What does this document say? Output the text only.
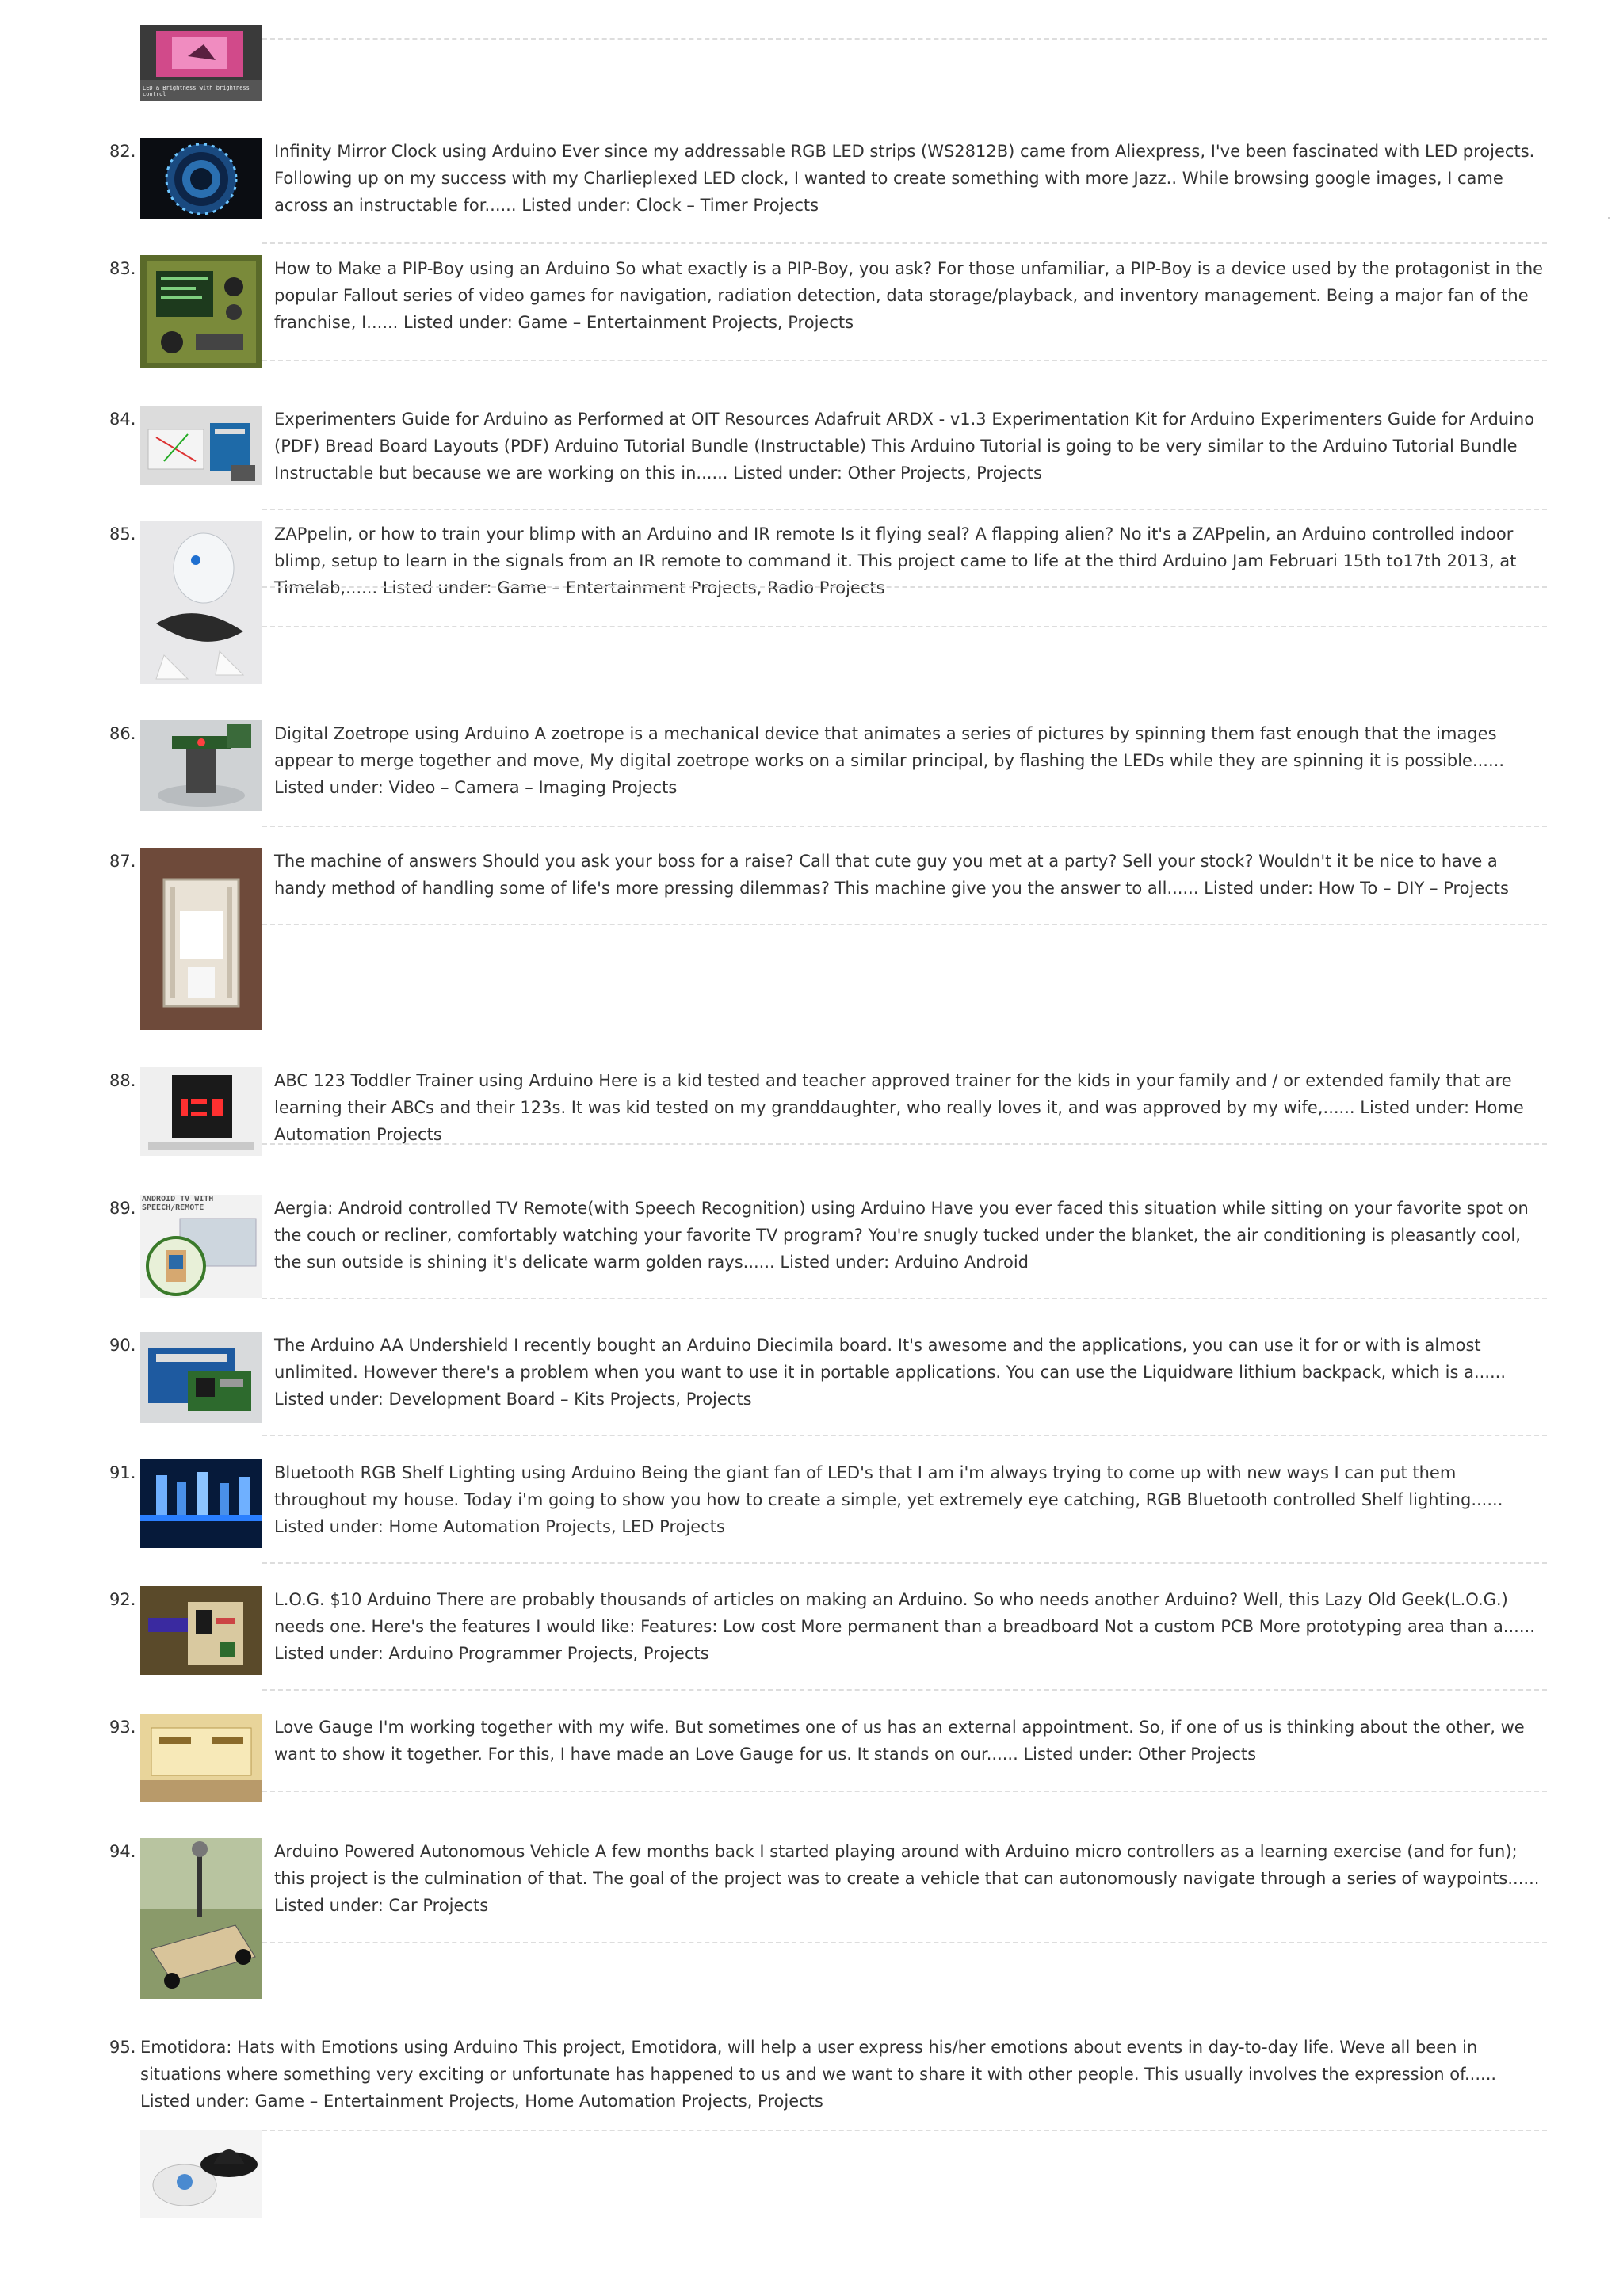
LED & Brightness with brightness control
82.	Infinity Mirror Clock using Arduino Ever since my addressable RGB LED strips (WS2812B) came from Aliexpress, I've been fascinated with LED projects. Following up on my success with my Charlieplexed LED clock, I wanted to create something with more Jazz.. While browsing google images, I came across an instructable for...... Listed under: Clock – Timer Projects

83.	How to Make a PIP-Boy using an Arduino So what exactly is a PIP-Boy, you ask? For those unfamiliar, a PIP-Boy is a device used by the protagonist in the popular Fallout series of video games for navigation, radiation detection, data storage/playback, and inventory management. Being a major fan of the franchise, I...... Listed under: Game – Entertainment Projects, Projects

84.	Experimenters Guide for Arduino as Performed at OIT Resources Adafruit ARDX - v1.3 Experimentation Kit for Arduino Experimenters Guide for Arduino (PDF) Bread Board Layouts (PDF) Arduino Tutorial Bundle (Instructable) This Arduino Tutorial is going to be very similar to the Arduino Tutorial Bundle Instructable but because we are working on this in...... Listed under: Other Projects, Projects

85.	ZAPpelin, or how to train your blimp with an Arduino and IR remote Is it flying seal? A flapping alien? No it's a ZAPpelin, an Arduino controlled indoor blimp, setup to learn in the signals from an IR remote to command it. This project came to life at the third Arduino Jam Februari 15th to17th 2013, at Timelab,...... Listed under: Game – Entertainment Projects, Radio Projects

86.	Digital Zoetrope using Arduino A zoetrope is a mechanical device that animates a series of pictures by spinning them fast enough that the images appear to merge together and move, My digital zoetrope works on a similar principal, by flashing the LEDs while they are spinning it is possible...... Listed under: Video – Camera – Imaging Projects

87.	The machine of answers Should you ask your boss for a raise? Call that cute guy you met at a party? Sell your stock? Wouldn't it be nice to have a handy method of handling some of life's more pressing dilemmas? This machine give you the answer to all...... Listed under: How To – DIY – Projects

88.	ABC 123 Toddler Trainer using Arduino Here is a kid tested and teacher approved trainer for the kids in your family and / or extended family that are learning their ABCs and their 123s. It was kid tested on my granddaughter, who really loves it, and was approved by my wife,...... Listed under: Home Automation Projects

89. ANDROID TV WITH SPEECH/REMOTE	Aergia: Android controlled TV Remote(with Speech Recognition) using Arduino Have you ever faced this situation while sitting on your favorite spot on the couch or recliner, comfortably watching your favorite TV program? You're snugly tucked under the blanket, the air conditioning is pleasantly cool, the sun outside is shining it's delicate warm golden rays...... Listed under: Arduino Android

90.	The Arduino AA Undershield I recently bought an Arduino Diecimila board. It's awesome and the applications, you can use it for or with is almost unlimited. However there's a problem when you want to use it in portable applications. You can use the Liquidware lithium backpack, which is a...... Listed under: Development Board – Kits Projects, Projects

91.	Bluetooth RGB Shelf Lighting using Arduino Being the giant fan of LED's that I am i'm always trying to come up with new ways I can put them throughout my house. Today i'm going to show you how to create a simple, yet extremely eye catching, RGB Bluetooth controlled Shelf lighting...... Listed under: Home Automation Projects, LED Projects

92.	L.O.G. $10 Arduino There are probably thousands of articles on making an Arduino. So who needs another Arduino? Well, this Lazy Old Geek(L.O.G.) needs one. Here's the features I would like: Features: Low cost More permanent than a breadboard Not a custom PCB More prototyping area than a...... Listed under: Arduino Programmer Projects, Projects

93.	Love Gauge I'm working together with my wife. But sometimes one of us has an external appointment. So, if one of us is thinking about the other, we want to show it together. For this, I have made an Love Gauge for us. It stands on our...... Listed under: Other Projects

94.	Arduino Powered Autonomous Vehicle A few months back I started playing around with Arduino micro controllers as a learning exercise (and for fun); this project is the culmination of that. The goal of the project was to create a vehicle that can autonomously navigate through a series of waypoints...... Listed under: Car Projects

95. Emotidora: Hats with Emotions using Arduino This project, Emotidora, will help a user express his/her emotions about events in day-to-day life. Weve all been in situations where something very exciting or unfortunate has happened to us and we want to share it with other people. This usually involves the expression of...... Listed under: Game – Entertainment Projects, Home Automation Projects, Projects
